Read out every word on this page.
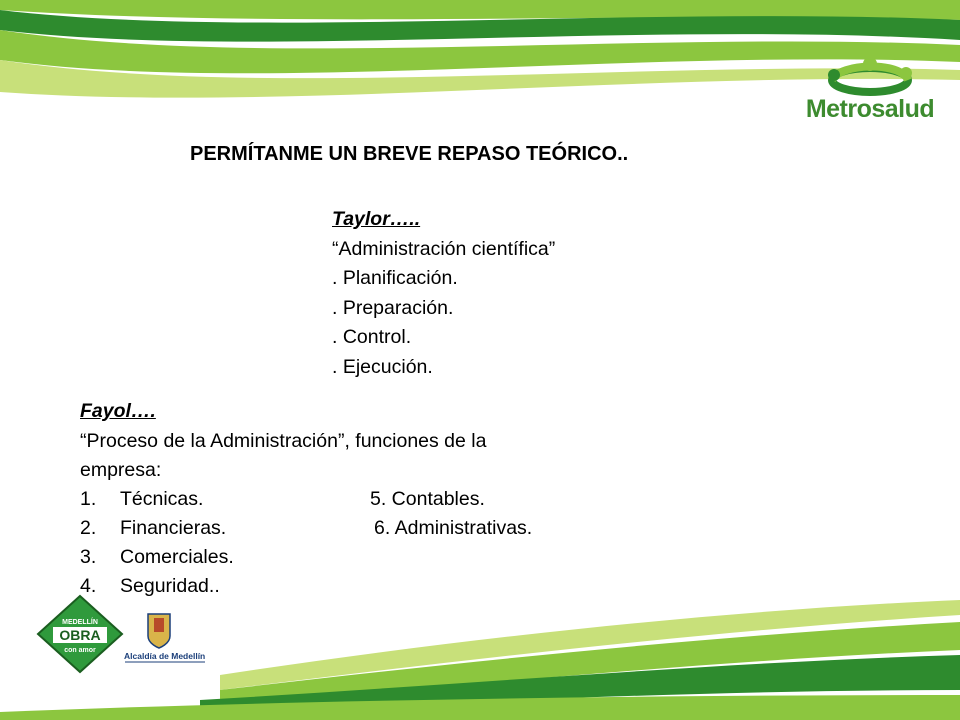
Metrosalud
PERMÍTANME UN BREVE REPASO TEÓRICO..
Taylor…..
“Administración científica”
. Planificación.
. Preparación.
. Control.
. Ejecución.
Fayol….
“Proceso de la Administración”, funciones de la
empresa:
1.	Técnicas.	5. Contables.
2.	Financieras.	6. Administrativas.
3.	Comerciales.
4.	Seguridad..
MEDELLÍN
OBRA
con amor
Alcaldía de Medellín
